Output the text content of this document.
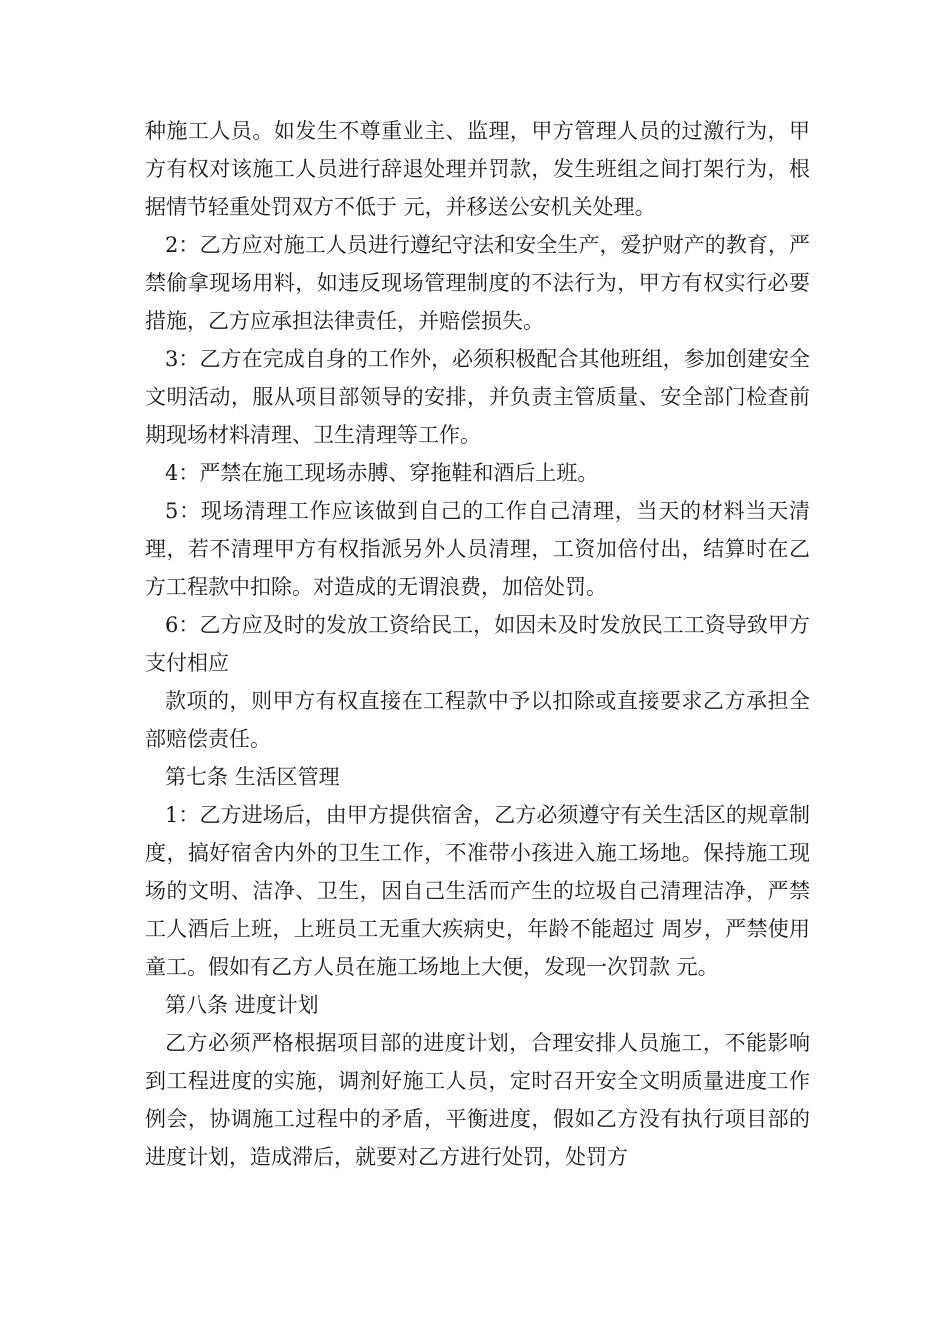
种施工人员。如发生不尊重业主、监理，甲方管理人员的过激行为，甲方有权对该施工人员进行辞退处理并罚款，发生班组之间打架行为，根据情节轻重处罚双方不低于 元，并移送公安机关处理。

2：乙方应对施工人员进行遵纪守法和安全生产，爱护财产的教育，严禁偷拿现场用料，如违反现场管理制度的不法行为，甲方有权实行必要措施，乙方应承担法律责任，并赔偿损失。

3：乙方在完成自身的工作外，必须积极配合其他班组，参加创建安全文明活动，服从项目部领导的安排，并负责主管质量、安全部门检查前期现场材料清理、卫生清理等工作。

4：严禁在施工现场赤膊、穿拖鞋和酒后上班。

5：现场清理工作应该做到自己的工作自己清理，当天的材料当天清理，若不清理甲方有权指派另外人员清理，工资加倍付出，结算时在乙方工程款中扣除。对造成的无谓浪费，加倍处罚。

6：乙方应及时的发放工资给民工，如因未及时发放民工工资导致甲方支付相应

款项的，则甲方有权直接在工程款中予以扣除或直接要求乙方承担全部赔偿责任。

第七条 生活区管理

1：乙方进场后，由甲方提供宿舍，乙方必须遵守有关生活区的规章制度，搞好宿舍内外的卫生工作，不准带小孩进入施工场地。保持施工现场的文明、洁净、卫生，因自己生活而产生的垃圾自己清理洁净，严禁工人酒后上班，上班员工无重大疾病史，年龄不能超过 周岁，严禁使用童工。假如有乙方人员在施工场地上大便，发现一次罚款 元。

第八条 进度计划

乙方必须严格根据项目部的进度计划，合理安排人员施工，不能影响到工程进度的实施，调剂好施工人员，定时召开安全文明质量进度工作例会，协调施工过程中的矛盾，平衡进度，假如乙方没有执行项目部的进度计划，造成滞后，就要对乙方进行处罚，处罚方
